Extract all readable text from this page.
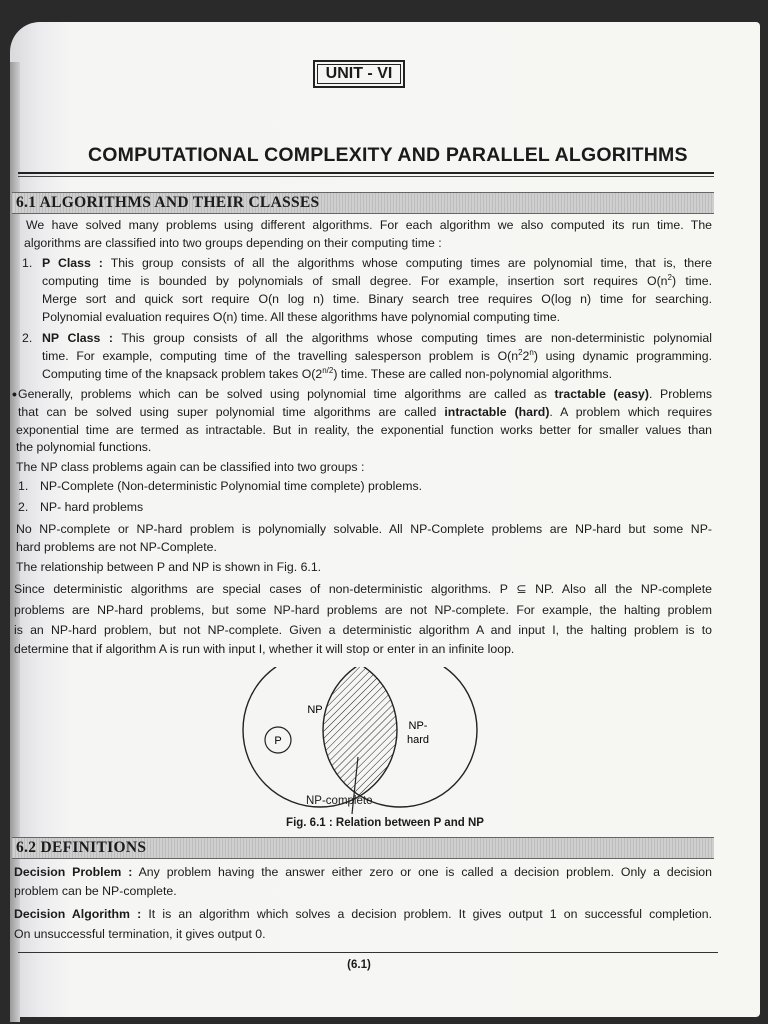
UNIT - VI
COMPUTATIONAL COMPLEXITY AND PARALLEL ALGORITHMS
6.1 ALGORITHMS AND THEIR CLASSES
We have solved many problems using different algorithms. For each algorithm we also computed its run time. The
algorithms are classified into two groups depending on their computing time :
1. P Class : This group consists of all the algorithms whose computing times are polynomial time, that is, there
computing time is bounded by polynomials of small degree. For example, insertion sort requires $O(n^2)$ time.
Merge sort and quick sort require O(n log n) time. Binary search tree requires O(log n) time for searching.
Polynomial evaluation requires O(n) time. All these algorithms have polynomial computing time.
2. NP Class : This group consists of all the algorithms whose computing times are non-deterministic polynomial
time. For example, computing time of the travelling salesperson problem is $O(n^22^n)$ using dynamic programming.
Computing time of the knapsack problem takes $O(2^{n/2})$ time. These are called non-polynomial algorithms.
• Generally, problems which can be solved using polynomial time algorithms are called as tractable (easy). Problems
that can be solved using super polynomial time algorithms are called intractable (hard). A problem which requires
exponential time are termed as intractable. But in reality, the exponential function works better for smaller values than
the polynomial functions.
The NP class problems again can be classified into two groups :
1. NP-Complete (Non-deterministic Polynomial time complete) problems.
2. NP- hard problems
No NP-complete or NP-hard problem is polynomially solvable. All NP-Complete problems are NP-hard but some NP-
hard problems are not NP-Complete.
The relationship between P and NP is shown in Fig. 6.1.
Since deterministic algorithms are special cases of non-deterministic algorithms. P ⊆ NP. Also all the NP-complete
problems are NP-hard problems, but some NP-hard problems are not NP-complete. For example, the halting problem
is an NP-hard problem, but not NP-complete. Given a deterministic algorithm A and input I, the halting problem is to
determine that if algorithm A is run with input I, whether it will stop or enter in an infinite loop.
P
NP
NP-
hard
NP-complete
Fig. 6.1 : Relation between P and NP
6.2 DEFINITIONS
Decision Problem : Any problem having the answer either zero or one is called a decision problem. Only a decision
problem can be NP-complete.
Decision Algorithm : It is an algorithm which solves a decision problem. It gives output 1 on successful completion.
On unsuccessful termination, it gives output 0.
(6.1)
